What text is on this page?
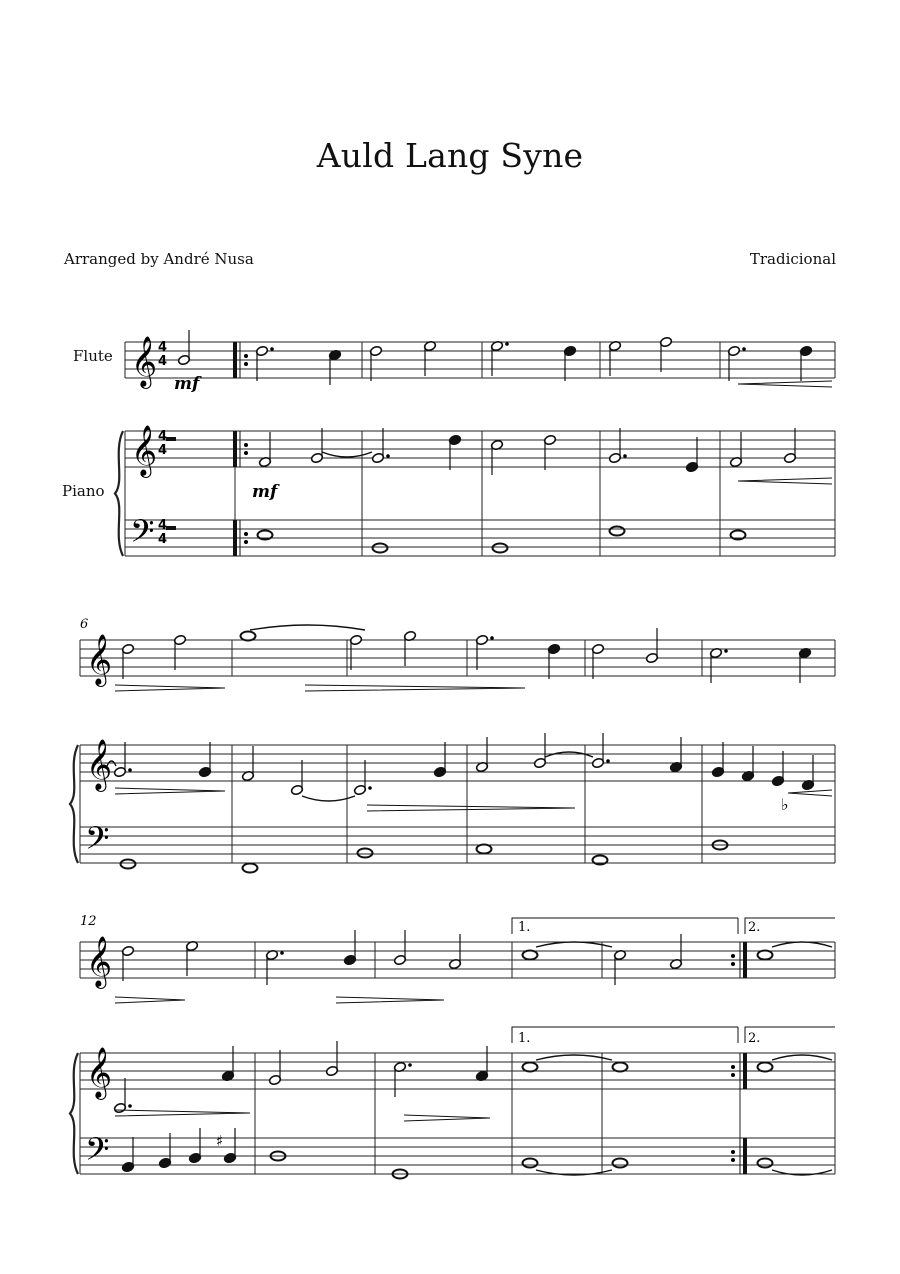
Auld Lang Syne
Arranged by André Nusa	Tradicional
Flute
Piano
𝄞
𝄞
𝄢
𝄞
𝄞
𝄢
𝄞
𝄞
𝄢
6
12
4
4
4
4
4
4
mf
mf
1.	2.
1.	2.
♯
♭
